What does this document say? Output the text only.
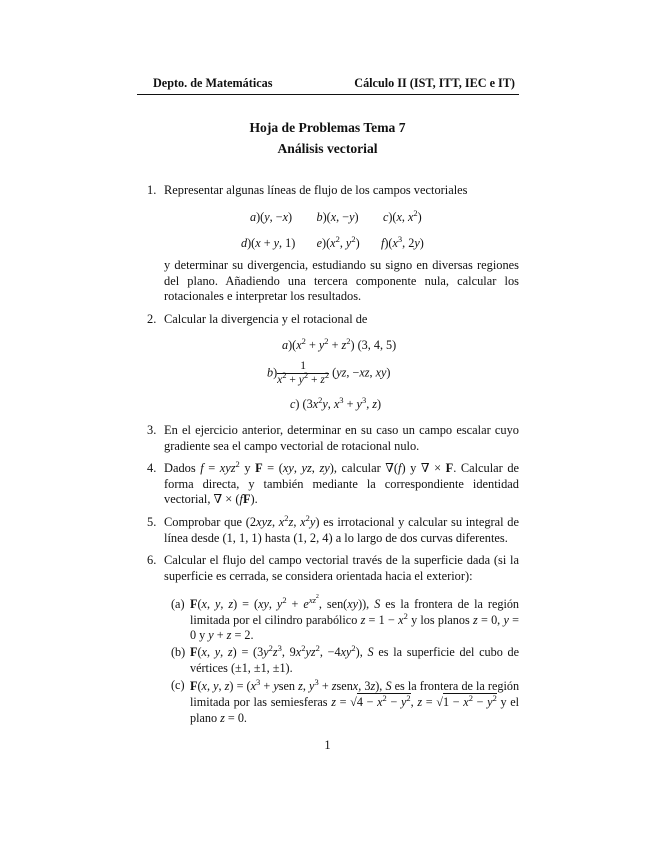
Depto. de Matemáticas	Cálculo II (IST, ITT, IEC e IT)
Hoja de Problemas Tema 7
Análisis vectorial
1. Representar algunas líneas de flujo de los campos vectoriales
a)(y, −x)        b)(x, −y)        c)(x, $x^2$)
d)(x + y, 1)       $e)(x^2$, $y^2$)       $f)(x^3$, 2y)
y determinar su divergencia, estudiando su signo en diversas regiones del plano. Añadiendo una tercera componente nula, calcular los rotacionales e interpretar los resultados.
2. Calcular la divergencia y el rotacional de
$a)(x^2 + y^2 + z^2)$ (3, 4, 5)
$b) \frac{1}{x^2 + y^2 + z^2} (yz$, −xz, xy)
c) ($3x^2y$, $x^3 + y^3$, z)
3. En el ejercicio anterior, determinar en su caso un campo escalar cuyo gradiente sea el campo vectorial de rotacional nulo.
4. Dados f = xyz$^2$ y F = (xy, yz, zy), calcular ∇(f) y ∇ × F. Calcular de forma directa, y también mediante la correspondiente identidad vectorial, ∇ × (fF).
5. Comprobar que (2xyz, $x^2z$, $x^2y$) es irrotacional y calcular su integral de línea desde (1, 1, 1) hasta (1, 2, 4) a lo largo de dos curvas diferentes.
6. Calcular el flujo del campo vectorial través de la superficie dada (si la superficie es cerrada, se considera orientada hacia el exterior):
(a) F(x, y, z) = (xy, $y^2 + e^{xz^2}$, sen(xy)), S es la frontera de la región limitada por el cilindro parabólico $z = 1 - x^2$ y los planos z = 0, y = 0 y y + z = 2.
(b) F(x, y, $z) = (3y^2z^3$, $9x^2yz^2$, $-4xy^2$), S es la superficie del cubo de vértices (±1, ±1, ±1).
(c) F(x, y, $z) = (x^3$ + ysen z, $y^3$ + zsenx, 3z), S es la frontera de la región limitada por las semiesferas $z = √4 - x^2 - y^2$, $z = √1 - x^2 - y^2$ y el plano z = 0.
1
